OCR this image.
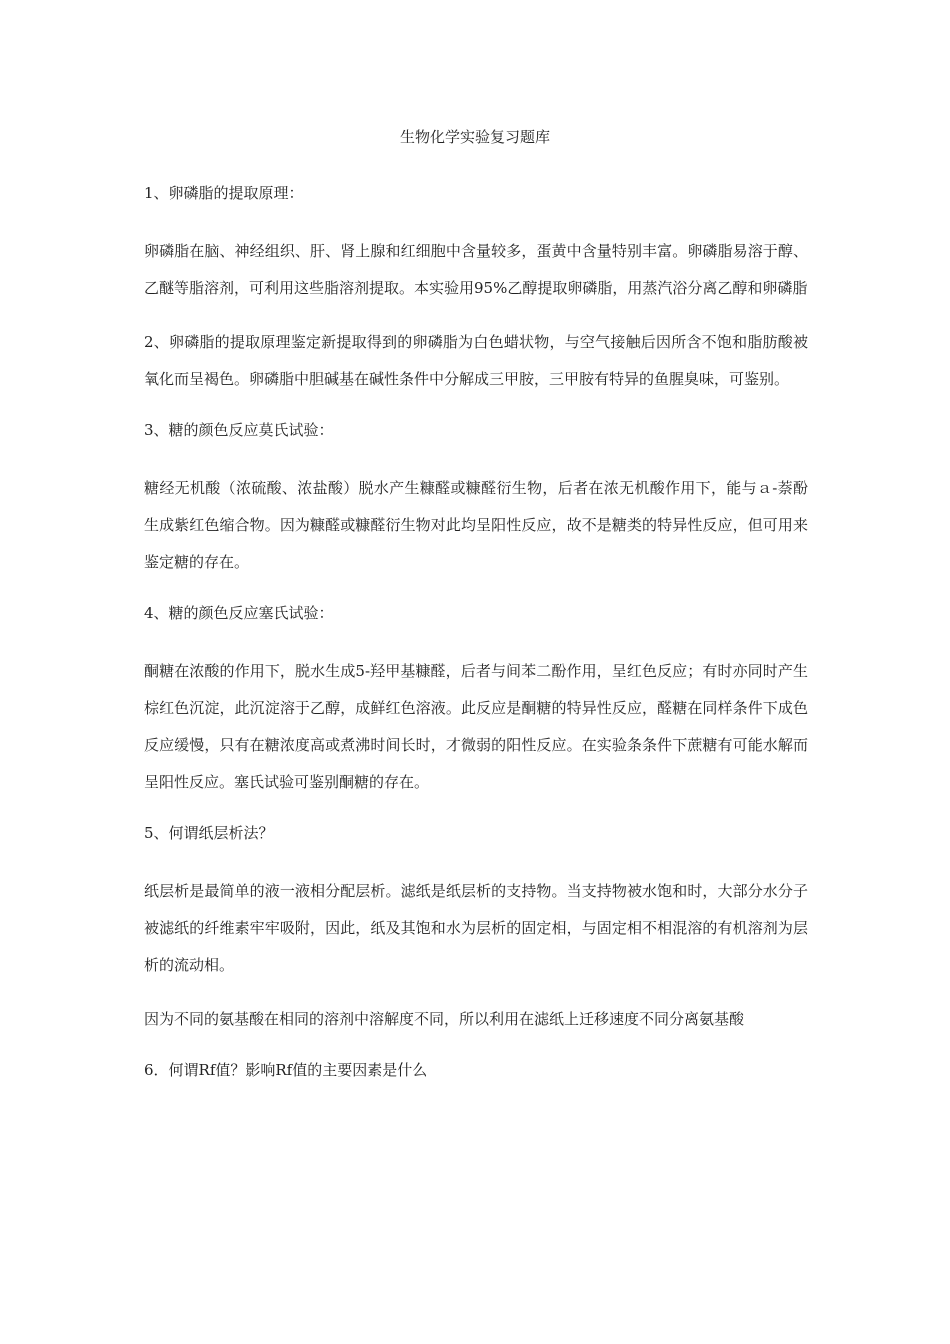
生物化学实验复习题库

1、卵磷脂的提取原理：

卵磷脂在脑、神经组织、肝、肾上腺和红细胞中含量较多，蛋黄中含量特别丰富。卵磷脂易溶于醇、乙醚等脂溶剂，可利用这些脂溶剂提取。本实验用95%乙醇提取卵磷脂，用蒸汽浴分离乙醇和卵磷脂

2、卵磷脂的提取原理鉴定新提取得到的卵磷脂为白色蜡状物，与空气接触后因所含不饱和脂肪酸被氧化而呈褐色。卵磷脂中胆碱基在碱性条件中分解成三甲胺，三甲胺有特异的鱼腥臭味，可鉴别。

3、糖的颜色反应莫氏试验：

糖经无机酸（浓硫酸、浓盐酸）脱水产生糠醛或糠醛衍生物，后者在浓无机酸作用下，能与ａ-萘酚生成紫红色缩合物。因为糠醛或糠醛衍生物对此均呈阳性反应，故不是糖类的特异性反应，但可用来鉴定糖的存在。

4、糖的颜色反应塞氏试验：

酮糖在浓酸的作用下，脱水生成5-羟甲基糠醛，后者与间苯二酚作用，呈红色反应；有时亦同时产生棕红色沉淀，此沉淀溶于乙醇，成鲜红色溶液。此反应是酮糖的特异性反应，醛糖在同样条件下成色反应缓慢，只有在糖浓度高或煮沸时间长时，才微弱的阳性反应。在实验条条件下蔗糖有可能水解而呈阳性反应。塞氏试验可鉴别酮糖的存在。

5、何谓纸层析法？

纸层析是最简单的液一液相分配层析。滤纸是纸层析的支持物。当支持物被水饱和时，大部分水分子被滤纸的纤维素牢牢吸附，因此，纸及其饱和水为层析的固定相，与固定相不相混溶的有机溶剂为层析的流动相。

因为不同的氨基酸在相同的溶剂中溶解度不同，所以利用在滤纸上迁移速度不同分离氨基酸

6．何谓Rf值？影响Rf值的主要因素是什么
